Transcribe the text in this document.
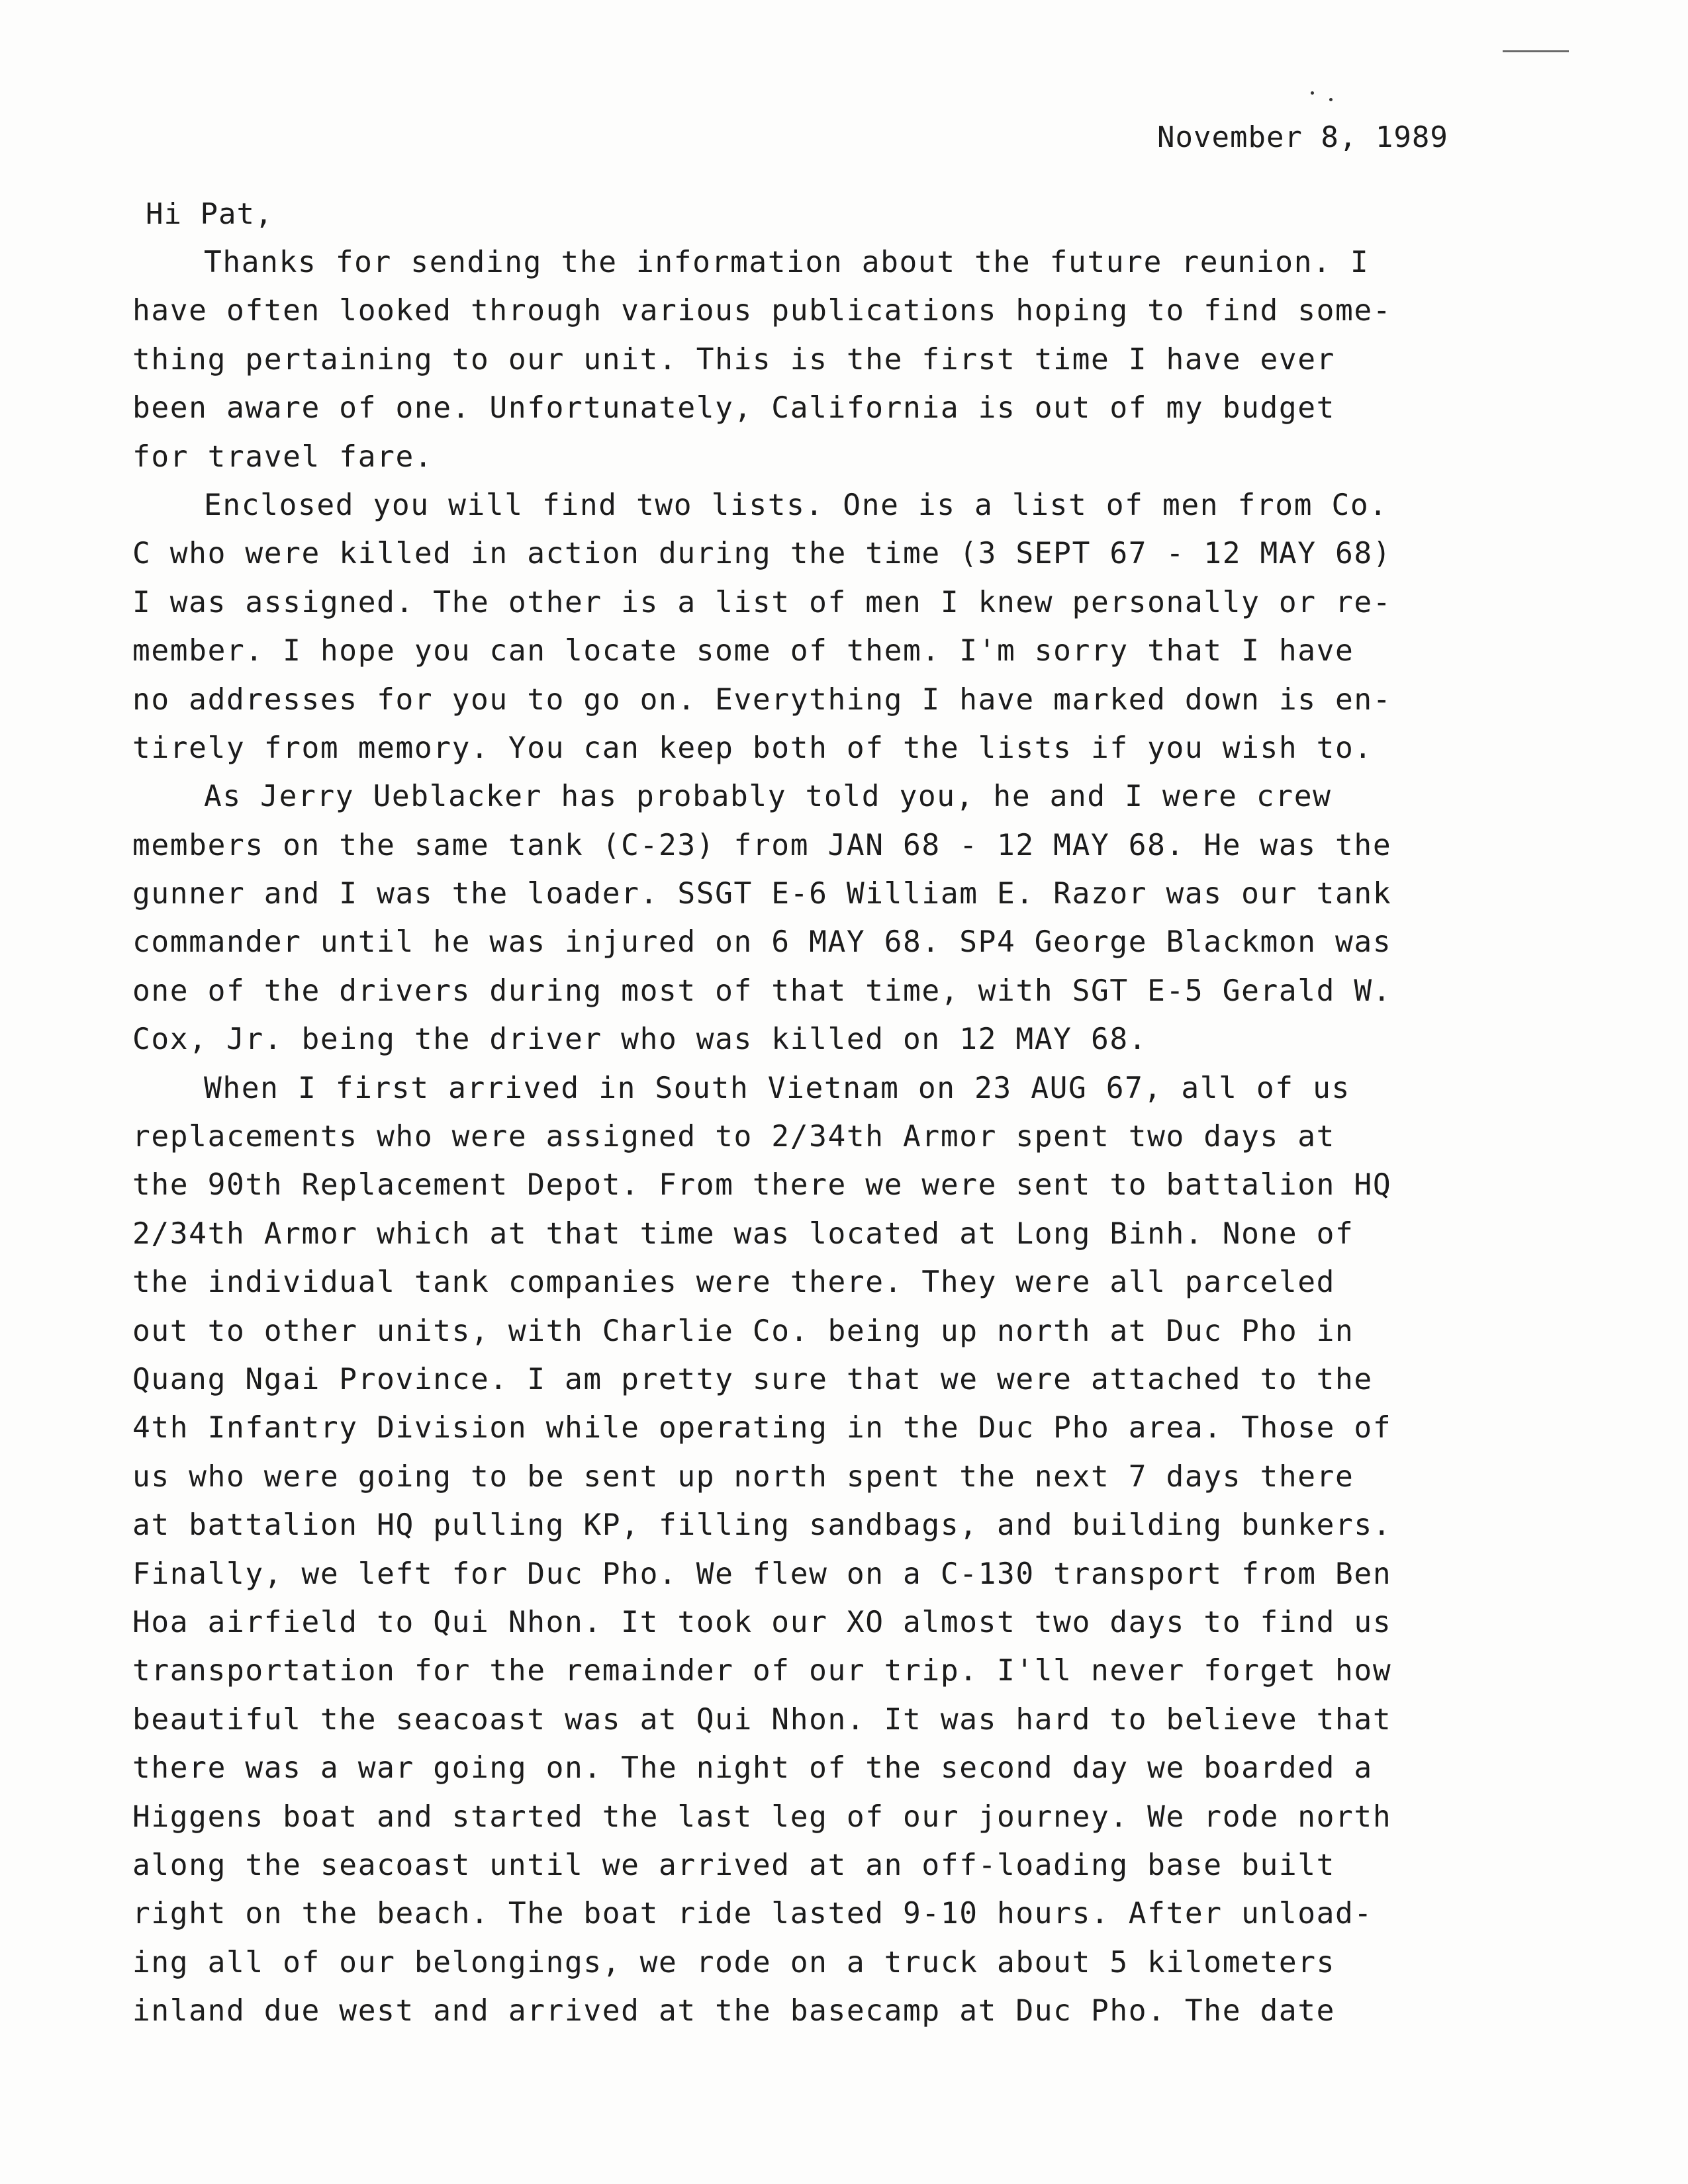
November 8, 1989
Hi Pat,
Thanks for sending the information about the future reunion. I
have often looked through various publications hoping to find some-
thing pertaining to our unit. This is the first time I have ever
been aware of one. Unfortunately, California is out of my budget
for travel fare.
Enclosed you will find two lists. One is a list of men from Co.
C who were killed in action during the time (3 SEPT 67 - 12 MAY 68)
I was assigned. The other is a list of men I knew personally or re-
member. I hope you can locate some of them. I'm sorry that I have
no addresses for you to go on. Everything I have marked down is en-
tirely from memory. You can keep both of the lists if you wish to.
As Jerry Ueblacker has probably told you, he and I were crew
members on the same tank (C-23) from JAN 68 - 12 MAY 68. He was the
gunner and I was the loader. SSGT E-6 William E. Razor was our tank
commander until he was injured on 6 MAY 68. SP4 George Blackmon was
one of the drivers during most of that time, with SGT E-5 Gerald W.
Cox, Jr. being the driver who was killed on 12 MAY 68.
When I first arrived in South Vietnam on 23 AUG 67, all of us
replacements who were assigned to 2/34th Armor spent two days at
the 90th Replacement Depot. From there we were sent to battalion HQ
2/34th Armor which at that time was located at Long Binh. None of
the individual tank companies were there. They were all parceled
out to other units, with Charlie Co. being up north at Duc Pho in
Quang Ngai Province. I am pretty sure that we were attached to the
4th Infantry Division while operating in the Duc Pho area. Those of
us who were going to be sent up north spent the next 7 days there
at battalion HQ pulling KP, filling sandbags, and building bunkers.
Finally, we left for Duc Pho. We flew on a C-130 transport from Ben
Hoa airfield to Qui Nhon. It took our XO almost two days to find us
transportation for the remainder of our trip. I'll never forget how
beautiful the seacoast was at Qui Nhon. It was hard to believe that
there was a war going on. The night of the second day we boarded a
Higgens boat and started the last leg of our journey. We rode north
along the seacoast until we arrived at an off-loading base built
right on the beach. The boat ride lasted 9-10 hours. After unload-
ing all of our belongings, we rode on a truck about 5 kilometers
inland due west and arrived at the basecamp at Duc Pho. The date
